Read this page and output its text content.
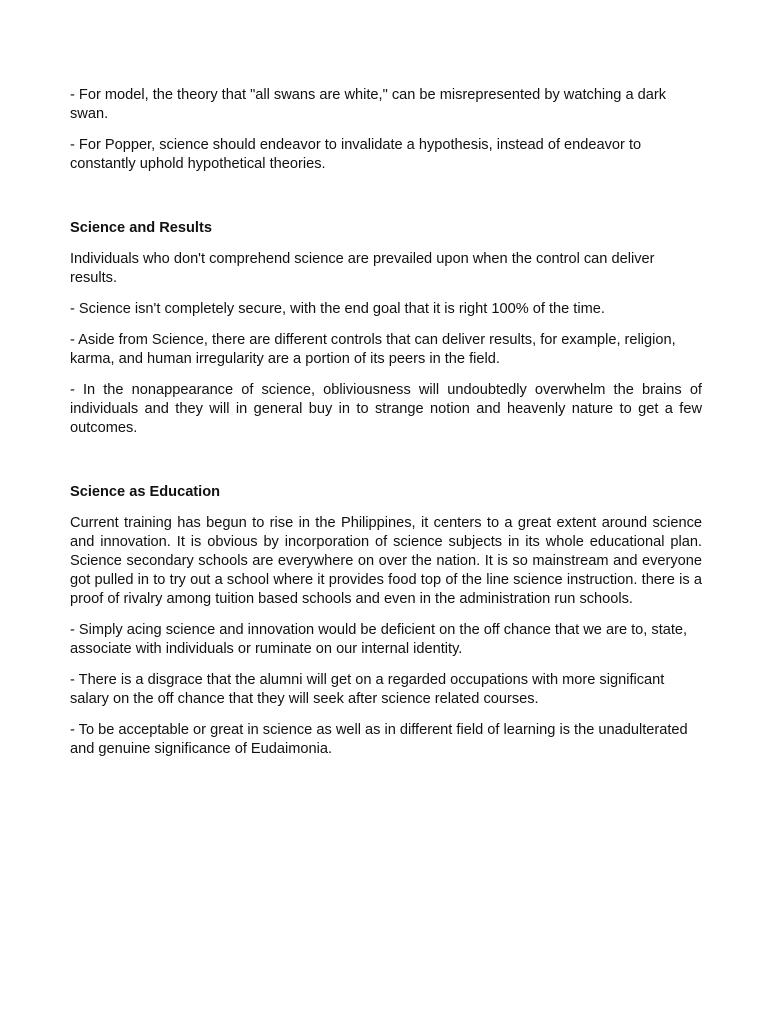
- For model, the theory that "all swans are white," can be misrepresented by watching a dark swan.

- For Popper, science should endeavor to invalidate a hypothesis, instead of endeavor to constantly uphold hypothetical theories.

Science and Results

Individuals who don't comprehend science are prevailed upon when the control can deliver results.

- Science isn't completely secure, with the end goal that it is right 100% of the time.

- Aside from Science, there are different controls that can deliver results, for example, religion, karma, and human irregularity are a portion of its peers in the field.

- In the nonappearance of science, obliviousness will undoubtedly overwhelm the brains of individuals and they will in general buy in to strange notion and heavenly nature to get a few outcomes.

Science as Education

Current training has begun to rise in the Philippines, it centers to a great extent around science and innovation. It is obvious by incorporation of science subjects in its whole educational plan. Science secondary schools are everywhere on over the nation. It is so mainstream and everyone got pulled in to try out a school where it provides food top of the line science instruction. there is a proof of rivalry among tuition based schools and even in the administration run schools.

- Simply acing science and innovation would be deficient on the off chance that we are to, state, associate with individuals or ruminate on our internal identity.

- There is a disgrace that the alumni will get on a regarded occupations with more significant salary on the off chance that they will seek after science related courses.

- To be acceptable or great in science as well as in different field of learning is the unadulterated and genuine significance of Eudaimonia.
